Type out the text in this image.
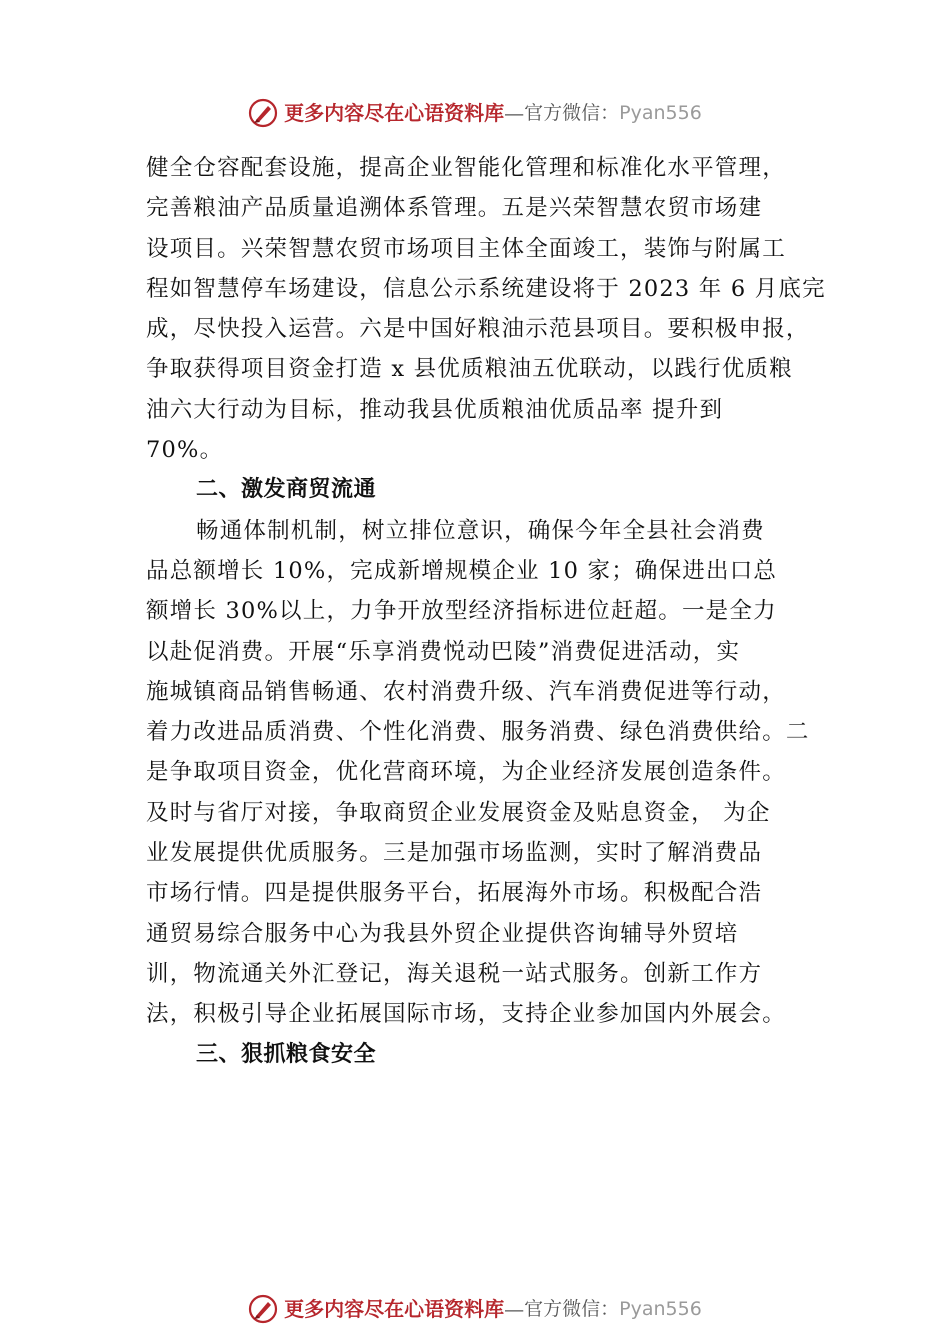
更多内容尽在心语资料库 — 官方微信：Pyan556
健全仓容配套设施，提高企业智能化管理和标准化水平管理，
完善粮油产品质量追溯体系管理。五是兴荣智慧农贸市场建
设项目。兴荣智慧农贸市场项目主体全面竣工，装饰与附属工
程如智慧停车场建设，信息公示系统建设将于 2023 年 6 月底完
成，尽快投入运营。六是中国好粮油示范县项目。要积极申报，
争取获得项目资金打造 x 县优质粮油五优联动，以践行优质粮
油六大行动为目标，推动我县优质粮油优质品率 提升到
70%。
二、激发商贸流通
畅通体制机制，树立排位意识，确保今年全县社会消费
品总额增长 10%，完成新增规模企业 10 家；确保进出口总
额增长 30%以上，力争开放型经济指标进位赶超。一是全力
以赴促消费。开展“乐享消费悦动巴陵”消费促进活动，实
施城镇商品销售畅通、农村消费升级、汽车消费促进等行动，
着力改进品质消费、个性化消费、服务消费、绿色消费供给。二
是争取项目资金，优化营商环境，为企业经济发展创造条件。
及时与省厅对接，争取商贸企业发展资金及贴息资金， 为企
业发展提供优质服务。三是加强市场监测，实时了解消费品
市场行情。四是提供服务平台，拓展海外市场。积极配合浩
通贸易综合服务中心为我县外贸企业提供咨询辅导外贸培
训，物流通关外汇登记，海关退税一站式服务。创新工作方
法，积极引导企业拓展国际市场，支持企业参加国内外展会。
三、狠抓粮食安全
更多内容尽在心语资料库 — 官方微信：Pyan556
